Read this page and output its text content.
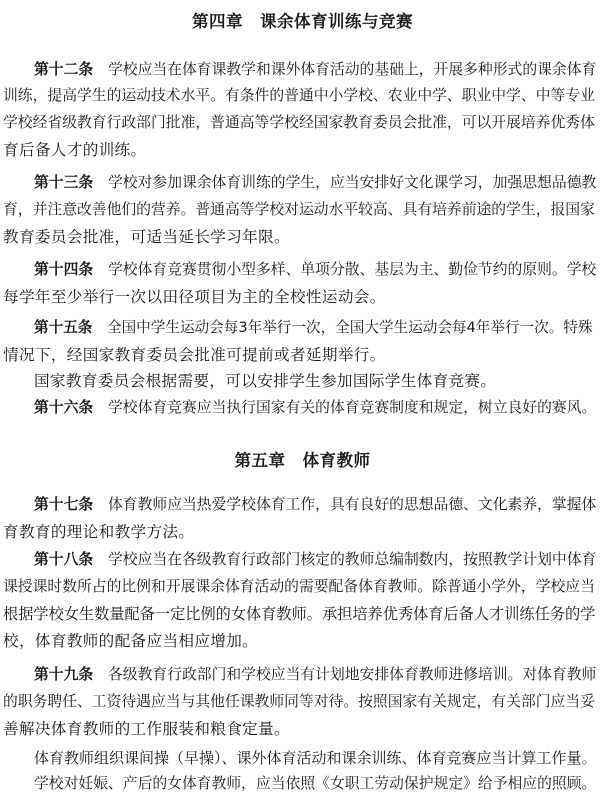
第四章　课余体育训练与竞赛
第十二条　学校应当在体育课教学和课外体育活动的基础上，开展多种形式的课余体育
训练，提高学生的运动技术水平。有条件的普通中小学校、农业中学、职业中学、中等专业
学校经省级教育行政部门批准，普通高等学校经国家教育委员会批准，可以开展培养优秀体
育后备人才的训练。
第十三条　学校对参加课余体育训练的学生，应当安排好文化课学习，加强思想品德教
育，并注意改善他们的营养。普通高等学校对运动水平较高、具有培养前途的学生，报国家
教育委员会批准，可适当延长学习年限。
第十四条　学校体育竞赛贯彻小型多样、单项分散、基层为主、勤俭节约的原则。学校
每学年至少举行一次以田径项目为主的全校性运动会。
第十五条　全国中学生运动会每3年举行一次，全国大学生运动会每4年举行一次。特殊
情况下，经国家教育委员会批准可提前或者延期举行。
国家教育委员会根据需要，可以安排学生参加国际学生体育竞赛。
第十六条　学校体育竞赛应当执行国家有关的体育竞赛制度和规定，树立良好的赛风。
第五章　体育教师
第十七条　体育教师应当热爱学校体育工作，具有良好的思想品德、文化素养，掌握体
育教育的理论和教学方法。
第十八条　学校应当在各级教育行政部门核定的教师总编制数内，按照教学计划中体育
课授课时数所占的比例和开展课余体育活动的需要配备体育教师。除普通小学外，学校应当
根据学校女生数量配备一定比例的女体育教师。承担培养优秀体育后备人才训练任务的学
校，体育教师的配备应当相应增加。
第十九条　各级教育行政部门和学校应当有计划地安排体育教师进修培训。对体育教师
的职务聘任、工资待遇应当与其他任课教师同等对待。按照国家有关规定，有关部门应当妥
善解决体育教师的工作服装和粮食定量。
体育教师组织课间操（早操）、课外体育活动和课余训练、体育竞赛应当计算工作量。
学校对妊娠、产后的女体育教师，应当依照《女职工劳动保护规定》给予相应的照顾。
